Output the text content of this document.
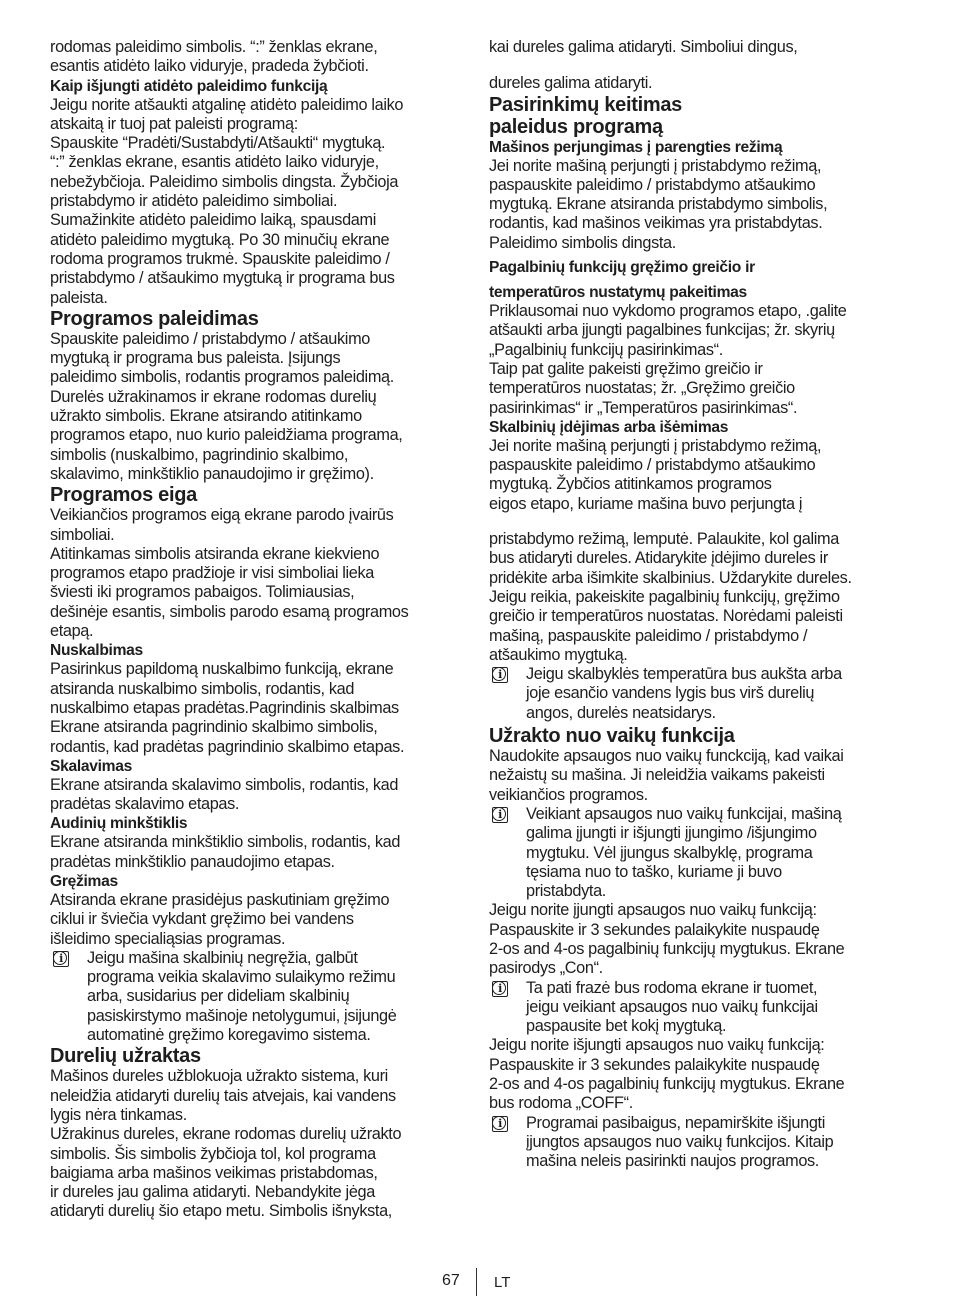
rodomas paleidimo simbolis. “:” ženklas ekrane,
esantis atidėto laiko viduryje, pradeda žybčioti.
Kaip išjungti atidėto paleidimo funkciją
Jeigu norite atšaukti atgalinę atidėto paleidimo laiko
atskaitą ir tuoj pat paleisti programą:
Spauskite “Pradėti/Sustabdyti/Atšaukti“ mygtuką.
“:” ženklas ekrane, esantis atidėto laiko viduryje,
nebežybčioja. Paleidimo simbolis dingsta. Žybčioja
pristabdymo ir atidėto paleidimo simboliai.
Sumažinkite atidėto paleidimo laiką, spausdami
atidėto paleidimo mygtuką. Po 30 minučių ekrane
rodoma programos trukmė. Spauskite paleidimo /
pristabdymo / atšaukimo mygtuką ir programa bus
paleista.
Programos paleidimas
Spauskite paleidimo / pristabdymo / atšaukimo
mygtuką ir programa bus paleista. Įsijungs
paleidimo simbolis, rodantis programos paleidimą.
Durelės užrakinamos ir ekrane rodomas durelių
užrakto simbolis. Ekrane atsirando atitinkamo
programos etapo, nuo kurio paleidžiama programa,
simbolis (nuskalbimo, pagrindinio skalbimo,
skalavimo, minkštiklio panaudojimo ir gręžimo).
Programos eiga
Veikiančios programos eigą ekrane parodo įvairūs
simboliai.
Atitinkamas simbolis atsiranda ekrane kiekvieno
programos etapo pradžioje ir visi simboliai lieka
šviesti iki programos pabaigos. Tolimiausias,
dešinėje esantis, simbolis parodo esamą programos
etapą.
Nuskalbimas
Pasirinkus papildomą nuskalbimo funkciją, ekrane
atsiranda nuskalbimo simbolis, rodantis, kad
nuskalbimo etapas pradėtas.Pagrindinis skalbimas
Ekrane atsiranda pagrindinio skalbimo simbolis,
rodantis, kad pradėtas pagrindinio skalbimo etapas.
Skalavimas
Ekrane atsiranda skalavimo simbolis, rodantis, kad
pradėtas skalavimo etapas.
Audinių minkštiklis
Ekrane atsiranda minkštiklio simbolis, rodantis, kad
pradėtas minkštiklio panaudojimo etapas.
Gręžimas
Atsiranda ekrane prasidėjus paskutiniam gręžimo
ciklui ir šviečia vykdant gręžimo bei vandens
išleidimo specialiąsias programas.
i	Jeigu mašina skalbinių negręžia, galbūt
programa veikia skalavimo sulaikymo režimu
arba, susidarius per dideliam skalbinių
pasiskirstymo mašinoje netolygumui, įsijungė
automatinė gręžimo koregavimo sistema.
Durelių užraktas
Mašinos dureles užblokuoja užrakto sistema, kuri
neleidžia atidaryti durelių tais atvejais, kai vandens
lygis nėra tinkamas.
Užrakinus dureles, ekrane rodomas durelių užrakto
simbolis. Šis simbolis žybčioja tol, kol programa
baigiama arba mašinos veikimas pristabdomas,
ir dureles jau galima atidaryti. Nebandykite jėga
atidaryti durelių šio etapo metu. Simbolis išnyksta,
kai dureles galima atidaryti. Simboliui dingus,
dureles galima atidaryti.
Pasirinkimų keitimas
paleidus programą
Mašinos perjungimas į parengties režimą
Jei norite mašiną perjungti į pristabdymo režimą,
paspauskite paleidimo / pristabdymo atšaukimo
mygtuką. Ekrane atsiranda pristabdymo simbolis,
rodantis, kad mašinos veikimas yra pristabdytas.
Paleidimo simbolis dingsta.
Pagalbinių funkcijų gręžimo greičio ir
temperatūros nustatymų pakeitimas
Priklausomai nuo vykdomo programos etapo, .galite
atšaukti arba įjungti pagalbines funkcijas; žr. skyrių
„Pagalbinių funkcijų pasirinkimas“.
Taip pat galite pakeisti gręžimo greičio ir
temperatūros nuostatas; žr. „Gręžimo greičio
pasirinkimas“ ir „Temperatūros pasirinkimas“.
Skalbinių įdėjimas arba išėmimas
Jei norite mašiną perjungti į pristabdymo režimą,
paspauskite paleidimo / pristabdymo atšaukimo
mygtuką. Žybčios atitinkamos programos
eigos etapo, kuriame mašina buvo perjungta į
pristabdymo režimą, lemputė. Palaukite, kol galima
bus atidaryti dureles. Atidarykite įdėjimo dureles ir
pridėkite arba išimkite skalbinius. Uždarykite dureles.
Jeigu reikia, pakeiskite pagalbinių funkcijų, gręžimo
greičio ir temperatūros nuostatas. Norėdami paleisti
mašiną, paspauskite paleidimo / pristabdymo /
atšaukimo mygtuką.
i	Jeigu skalbyklės temperatūra bus aukšta arba
joje esančio vandens lygis bus virš durelių
angos, durelės neatsidarys.
Užrakto nuo vaikų funkcija
Naudokite apsaugos nuo vaikų funckciją, kad vaikai
nežaistų su mašina. Ji neleidžia vaikams pakeisti
veikiančios programos.
i	Veikiant apsaugos nuo vaikų funkcijai, mašiną
galima įjungti ir išjungti įjungimo /išjungimo
mygtuku. Vėl įjungus skalbyklę, programa
tęsiama nuo to taško, kuriame ji buvo
pristabdyta.
Jeigu norite įjungti apsaugos nuo vaikų funkciją:
Paspauskite ir 3 sekundes palaikykite nuspaudę
2-os and 4-os pagalbinių funkcijų mygtukus. Ekrane
pasirodys „Con“.
i	Ta pati frazė bus rodoma ekrane ir tuomet,
jeigu veikiant apsaugos nuo vaikų funkcijai
paspausite bet kokį mygtuką.
Jeigu norite išjungti apsaugos nuo vaikų funkciją:
Paspauskite ir 3 sekundes palaikykite nuspaudę
2-os and 4-os pagalbinių funkcijų mygtukus. Ekrane
bus rodoma „COFF“.
i	Programai pasibaigus, nepamirškite išjungti
įjungtos apsaugos nuo vaikų funkcijos. Kitaip
mašina neleis pasirinkti naujos programos.
67 LT
